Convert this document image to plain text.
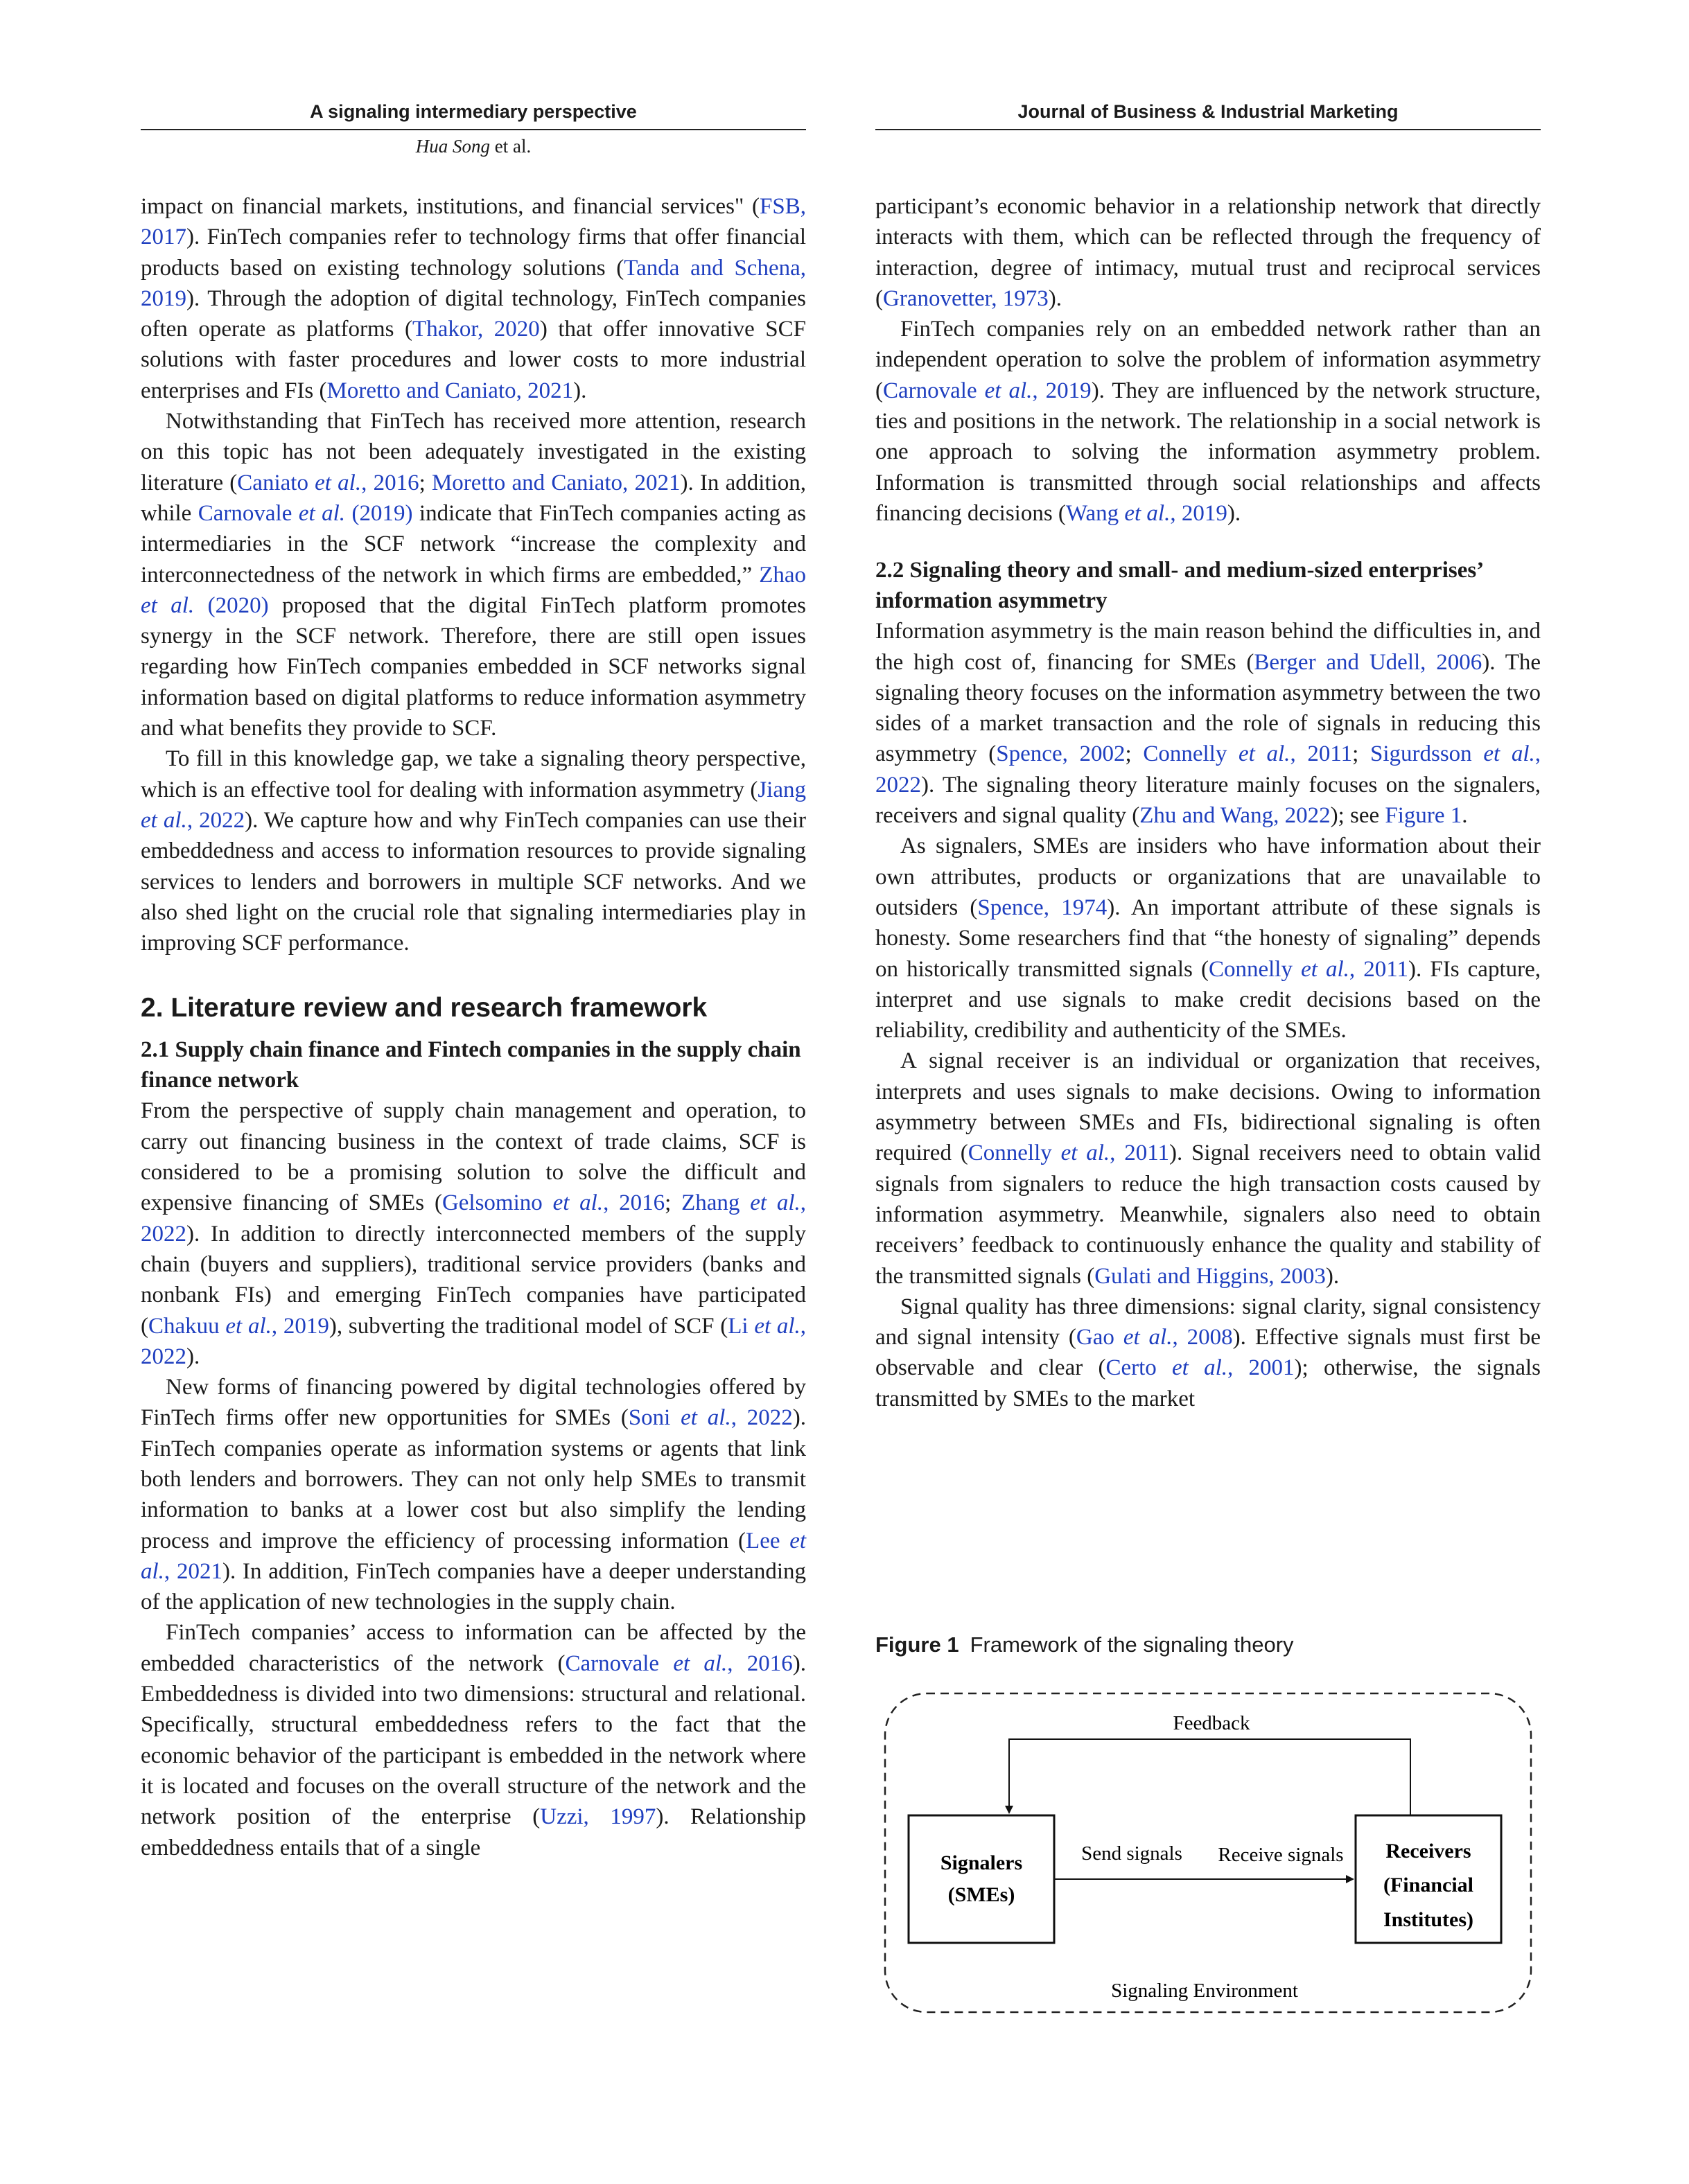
A signaling intermediary perspective
Hua Song et al.
Journal of Business & Industrial Marketing

impact on financial markets, institutions, and financial services" (FSB, 2017). FinTech companies refer to technology firms that offer financial products based on existing technology solutions (Tanda and Schena, 2019). Through the adoption of digital technology, FinTech companies often operate as platforms (Thakor, 2020) that offer innovative SCF solutions with faster procedures and lower costs to more industrial enterprises and FIs (Moretto and Caniato, 2021).

Notwithstanding that FinTech has received more attention, research on this topic has not been adequately investigated in the existing literature (Caniato et al., 2016; Moretto and Caniato, 2021). In addition, while Carnovale et al. (2019) indicate that FinTech companies acting as intermediaries in the SCF network “increase the complexity and interconnectedness of the network in which firms are embedded,” Zhao et al. (2020) proposed that the digital FinTech platform promotes synergy in the SCF network. Therefore, there are still open issues regarding how FinTech companies embedded in SCF networks signal information based on digital platforms to reduce information asymmetry and what benefits they provide to SCF.

To fill in this knowledge gap, we take a signaling theory perspective, which is an effective tool for dealing with information asymmetry (Jiang et al., 2022). We capture how and why FinTech companies can use their embeddedness and access to information resources to provide signaling services to lenders and borrowers in multiple SCF networks. And we also shed light on the crucial role that signaling intermediaries play in improving SCF performance.

2. Literature review and research framework
2.1 Supply chain finance and Fintech companies in the supply chain finance network

From the perspective of supply chain management and operation, to carry out financing business in the context of trade claims, SCF is considered to be a promising solution to solve the difficult and expensive financing of SMEs (Gelsomino et al., 2016; Zhang et al., 2022). In addition to directly interconnected members of the supply chain (buyers and suppliers), traditional service providers (banks and nonbank FIs) and emerging FinTech companies have participated (Chakuu et al., 2019), subverting the traditional model of SCF (Li et al., 2022).

New forms of financing powered by digital technologies offered by FinTech firms offer new opportunities for SMEs (Soni et al., 2022). FinTech companies operate as information systems or agents that link both lenders and borrowers. They can not only help SMEs to transmit information to banks at a lower cost but also simplify the lending process and improve the efficiency of processing information (Lee et al., 2021). In addition, FinTech companies have a deeper understanding of the application of new technologies in the supply chain.

FinTech companies’ access to information can be affected by the embedded characteristics of the network (Carnovale et al., 2016). Embeddedness is divided into two dimensions: structural and relational. Specifically, structural embeddedness refers to the fact that the economic behavior of the participant is embedded in the network where it is located and focuses on the overall structure of the network and the network position of the enterprise (Uzzi, 1997). Relationship embeddedness entails that of a single

participant’s economic behavior in a relationship network that directly interacts with them, which can be reflected through the frequency of interaction, degree of intimacy, mutual trust and reciprocal services (Granovetter, 1973).

FinTech companies rely on an embedded network rather than an independent operation to solve the problem of information asymmetry (Carnovale et al., 2019). They are influenced by the network structure, ties and positions in the network. The relationship in a social network is one approach to solving the information asymmetry problem. Information is transmitted through social relationships and affects financing decisions (Wang et al., 2019).

2.2 Signaling theory and small- and medium-sized enterprises’ information asymmetry

Information asymmetry is the main reason behind the difficulties in, and the high cost of, financing for SMEs (Berger and Udell, 2006). The signaling theory focuses on the information asymmetry between the two sides of a market transaction and the role of signals in reducing this asymmetry (Spence, 2002; Connelly et al., 2011; Sigurdsson et al., 2022). The signaling theory literature mainly focuses on the signalers, receivers and signal quality (Zhu and Wang, 2022); see Figure 1.

As signalers, SMEs are insiders who have information about their own attributes, products or organizations that are unavailable to outsiders (Spence, 1974). An important attribute of these signals is honesty. Some researchers find that “the honesty of signaling” depends on historically transmitted signals (Connelly et al., 2011). FIs capture, interpret and use signals to make credit decisions based on the reliability, credibility and authenticity of the SMEs.

A signal receiver is an individual or organization that receives, interprets and uses signals to make decisions. Owing to information asymmetry between SMEs and FIs, bidirectional signaling is often required (Connelly et al., 2011). Signal receivers need to obtain valid signals from signalers to reduce the high transaction costs caused by information asymmetry. Meanwhile, signalers also need to obtain receivers’ feedback to continuously enhance the quality and stability of the transmitted signals (Gulati and Higgins, 2003).

Signal quality has three dimensions: signal clarity, signal consistency and signal intensity (Gao et al., 2008). Effective signals must first be observable and clear (Certo et al., 2001); otherwise, the signals transmitted by SMEs to the market

Figure 1 Framework of the signaling theory
Feedback
Signalers
(SMEs)
Send signals Receive signals Receivers
(Financial
Institutes)
Signaling Environment
